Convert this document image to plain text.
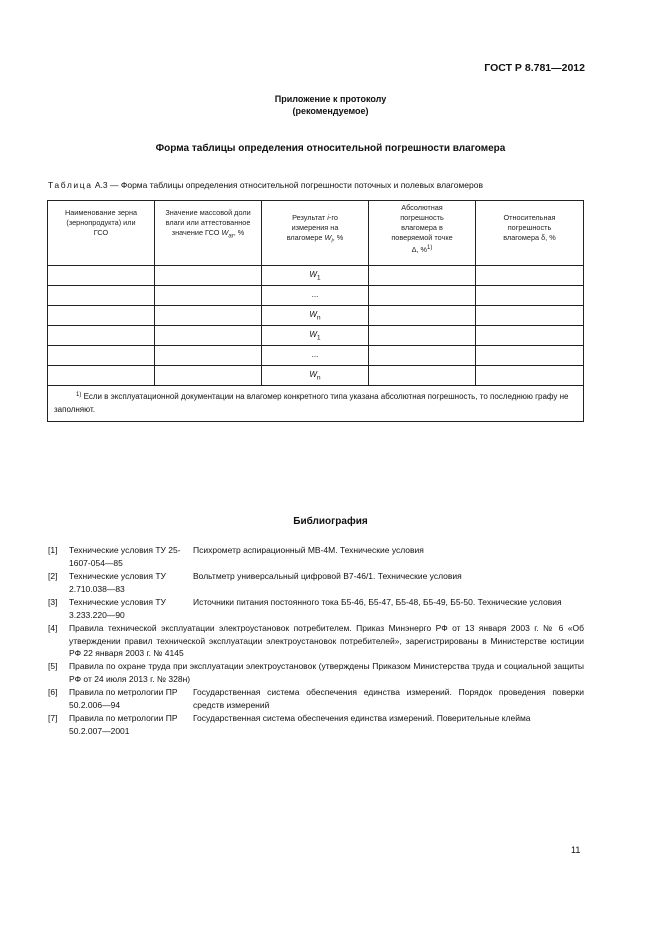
ГОСТ Р 8.781—2012
Приложение к протоколу
(рекомендуемое)
Форма таблицы определения относительной погрешности влагомера
Таблица А.3 — Форма таблицы определения относительной погрешности поточных и полевых влагомеров
Наименование зерна (зернопродукта) или ГСО	Значение массовой доли влаги или аттестованное значение ГСО $W_{ar}$, %	Результат i-го измерения на влагомере $W_i$, %	Абсолютная погрешность влагомера в поверяемой точке Δ, %$^{1)}$	Относительная погрешность влагомера δ, %

		$W_1$		
		...		
		$W_n$		
		$W_1$		
		...		
		$W_n$		
$^{1)}$ Если в эксплуатационной документации на влагомер конкретного типа указана абсолютная погрешность, то последнюю графу не заполняют.				
Библиография
[1] Технические условия ТУ 25-1607-054—85
Психрометр аспирационный МВ-4М. Технические условия
[2] Технические условия ТУ 2.710.038—83
Вольтметр универсальный цифровой В7-46/1. Технические условия
[3] Технические условия ТУ 3.233.220—90
Источники питания постоянного тока Б5-46, Б5-47, Б5-48, Б5-49, Б5-50. Технические условия
[4] Правила технической эксплуатации электроустановок потребителем. Приказ Минэнерго РФ от 13 января 2003 г. № 6 «Об утверждении правил технической эксплуатации электроустановок потребителей», зарегистрированы в Министерстве юстиции РФ 22 января 2003 г. № 4145
[5] Правила по охране труда при эксплуатации электроустановок (утверждены Приказом Министерства труда и социальной защиты РФ от 24 июля 2013 г. № 328н)
[6] Правила по метрологии ПР 50.2.006—94
Государственная система обеспечения единства измерений. Порядок проведения поверки средств измерений
[7] Правила по метрологии ПР 50.2.007—2001
Государственная система обеспечения единства измерений. Поверительные клейма
11
